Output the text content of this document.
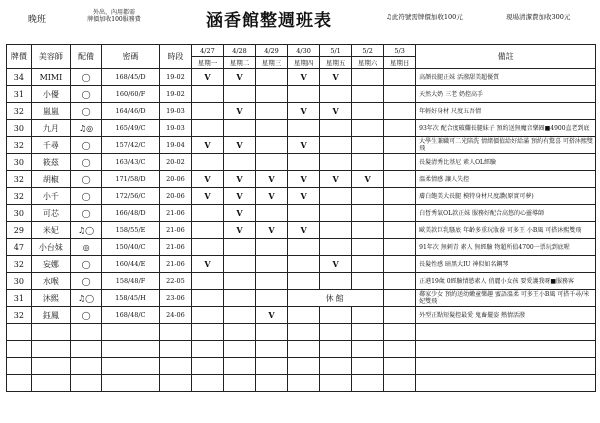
晚班
外出、內用都需
牌價加收100服務費	涵香館整週班表	♫此符號需牌價加收100元	現場清潔費加收300元
牌價	美容師	配備	密碼	時段	4/27	4/28	4/29	4/30	5/1	5/2	5/3	備註
					星期一	星期二	星期三	星期四	星期五	星期六	星期日	
34	MIMI	◯	168/45/D	19-02	V	V		V	V			高顏長腿正妹 活潑甜美超優質
31	小優	◯	160/60/F	19-02								天然大奶 三老 奶控高手
32	嵐嵐	◯	164/46/D	19-03		V		V	V			年輕好身材 尺度五吾情
30	九月	♫◎	165/49/C	19-03								93年次 配合度破爛長腿妹子 預約送無魔音樂圈■4900直老到底
32	千尋	◯	157/42/C	19-04	V	V		V				大學生兼職可二光陪洗 情緒價值給好給滿 預約有驚喜 可搭沐熙雙飛
30	筱茲	◯	163/43/C	20-02								長髮清秀比基尼 素人OL經驗
32	胡椒	◯	171/58/D	20-06	V	V	V	V	V	V		溫柔情感 讓人失控
32	小千	◯	172/56/C	20-06	V	V	V	V				膚白飽美大長腿 模特身材尺度讚(原實可夢)
30	可芯	◯	166/48/D	21-06		V						白皙秀氣OL款正妹 服務好配合高悠的心靈導師
29	米妃	♫◯	158/55/E	21-06		V	V	V				歐美款巨乳騷底 年齡多重玩妝養 可多王 小B風 可搭沐熙雙飛
47	小台妹	◎	150/40/C	21-06								91年次 無刺青 素人 無經驗 物超所值4700一票玩到底喔
32	妄娜	◯	160/44/E	21-06	V				V			長髮性感 暗黑大IU 神似如名鋼琴
30	水喉	◯	158/48/F	22-05								正港19歲 0經驗情慾素人 俏麗小女孩 要愛護我呀■服務客
31	沐熙	♫◯	158/45/H	23-06				休館				鄰家少女 預約送幼嫩童樂趣 蜜語溫柔 可多王小B風 可搭千尋/米妃雙飛
32	鈺鳳	◯	168/48/C	24-06			V					外型正點短髮控最愛 鬼畜擺姿 熱情活潑
